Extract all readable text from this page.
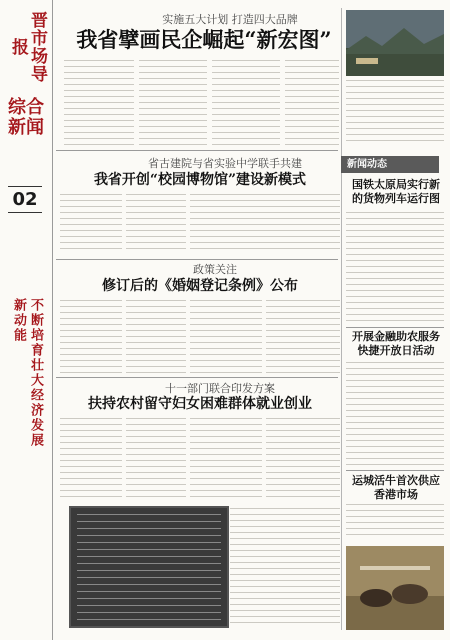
晋市场导报
综合新闻
02
不断培育壮大经济发展新动能
实施五大计划 打造四大品牌
我省擘画民企崛起“新宏图”
省古建院与省实验中学联手共建
我省开创“校园博物馆”建设新模式
政策关注
修订后的《婚姻登记条例》公布
十一部门联合印发方案
扶持农村留守妇女困难群体就业创业
新闻动态
国铁太原局实行新的货物列车运行图
开展金融助农服务 快捷开放日活动
运城活牛首次供应香港市场
